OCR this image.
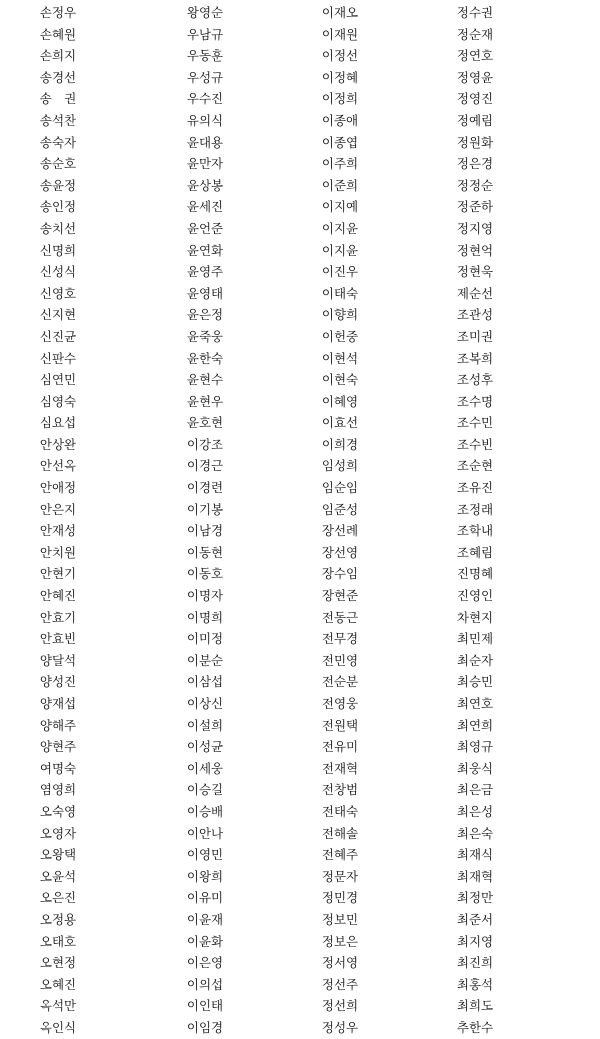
손정우
손혜원
손희지
송경선
송　권
송석찬
송숙자
송순호
송윤정
송인정
송치선
신명희
신성식
신영호
신지현
신진균
신판수
심연민
심영숙
심요섭
안상완
안선옥
안애정
안은지
안재성
안치원
안현기
안혜진
안효기
안효빈
양달석
양성진
양재섭
양해주
양현주
여명숙
염영희
오숙영
오영자
오왕택
오윤석
오은진
오정용
오태호
오현정
오혜진
옥석만
옥인식
왕영순
우남규
우동훈
우성규
우수진
유의식
윤대용
윤만자
윤상봉
윤세진
윤언준
윤연화
윤영주
윤영태
윤은정
윤죽웅
윤한숙
윤현수
윤현우
윤호현
이강조
이경근
이경련
이기봉
이남경
이동현
이동호
이명자
이명희
이미정
이분순
이삼섭
이상신
이설희
이성균
이세웅
이승길
이승배
이안나
이영민
이왕희
이유미
이윤재
이윤화
이은영
이의섭
이인태
이임경
이재오
이재원
이정선
이정혜
이정희
이종애
이종엽
이주희
이준희
이지예
이지윤
이지윤
이진우
이태숙
이향희
이헌중
이현석
이현숙
이혜영
이효선
이희경
임성희
임순임
임준성
장선례
장선영
장수임
장현준
전동근
전무경
전민영
전순분
전영웅
전원택
전유미
전재혁
전창범
전태숙
전해솔
전혜주
정문자
정민경
정보민
정보은
정서영
정선주
정선희
정성우
정수권
정순재
정연호
정영윤
정영진
정예림
정원화
정은경
정정순
정준하
정지영
정현억
정현욱
제순선
조관성
조미권
조복희
조성후
조수명
조수민
조수빈
조순현
조유진
조정래
조학내
조혜림
진명혜
진영인
차현지
최민제
최순자
최승민
최연호
최연희
최영규
최웅식
최은금
최은성
최은숙
최재식
최재혁
최정만
최준서
최지영
최진희
최홍석
최희도
추한수
